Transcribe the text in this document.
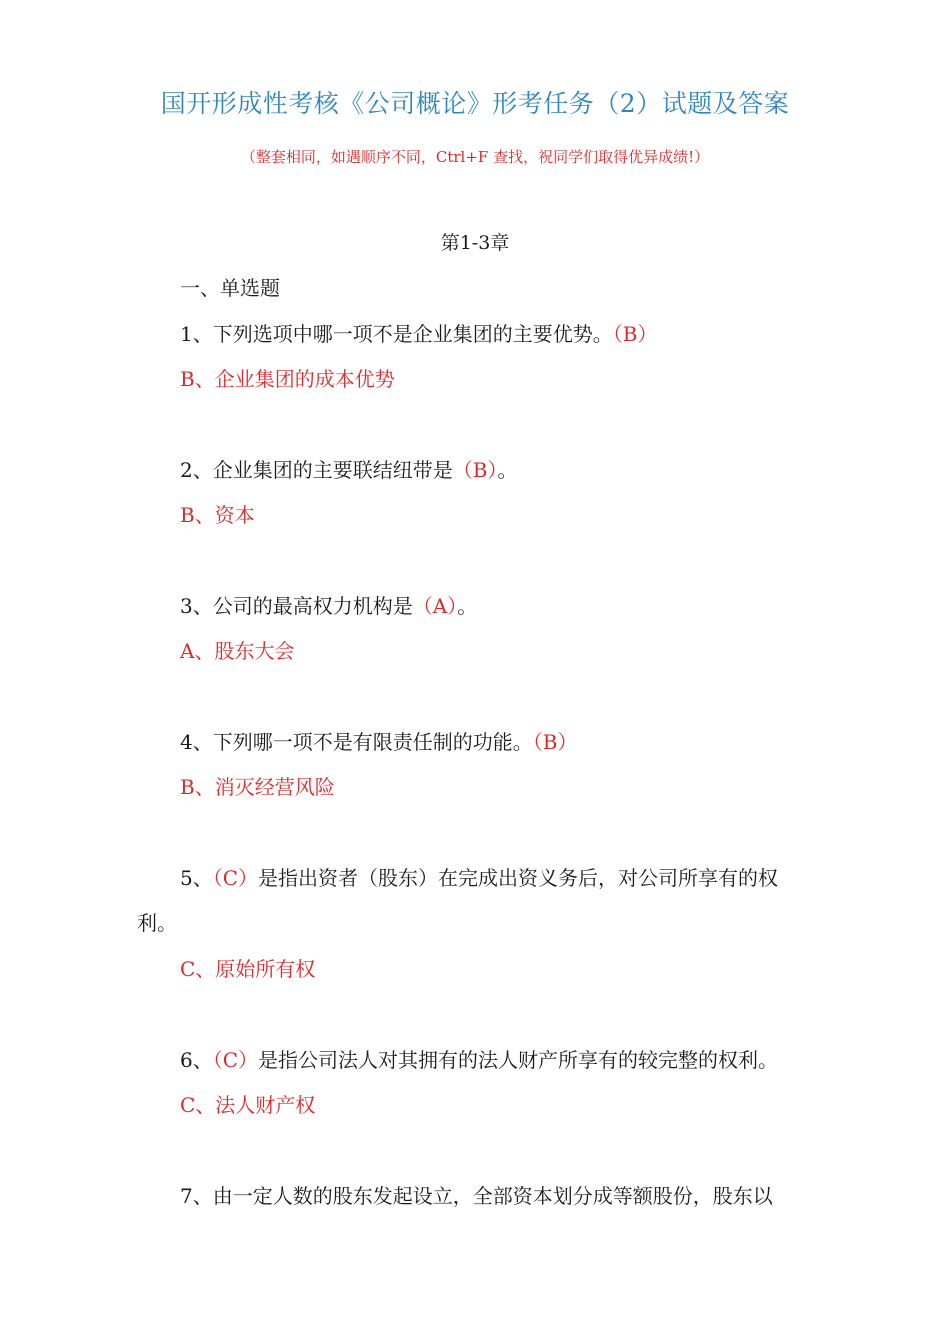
国开形成性考核《公司概论》形考任务（2）试题及答案
（整套相同，如遇顺序不同，Ctrl+F 查找，祝同学们取得优异成绩!）
第1-3章
一、单选题
1、下列选项中哪一项不是企业集团的主要优势。（B）
B、企业集团的成本优势
2、企业集团的主要联结纽带是（B）。
B、资本
3、公司的最高权力机构是（A）。
A、股东大会
4、下列哪一项不是有限责任制的功能。（B）
B、消灭经营风险
5、（C）是指出资者（股东）在完成出资义务后，对公司所享有的权
利。
C、原始所有权
6、（C）是指公司法人对其拥有的法人财产所享有的较完整的权利。
C、法人财产权
7、由一定人数的股东发起设立，全部资本划分成等额股份，股东以
